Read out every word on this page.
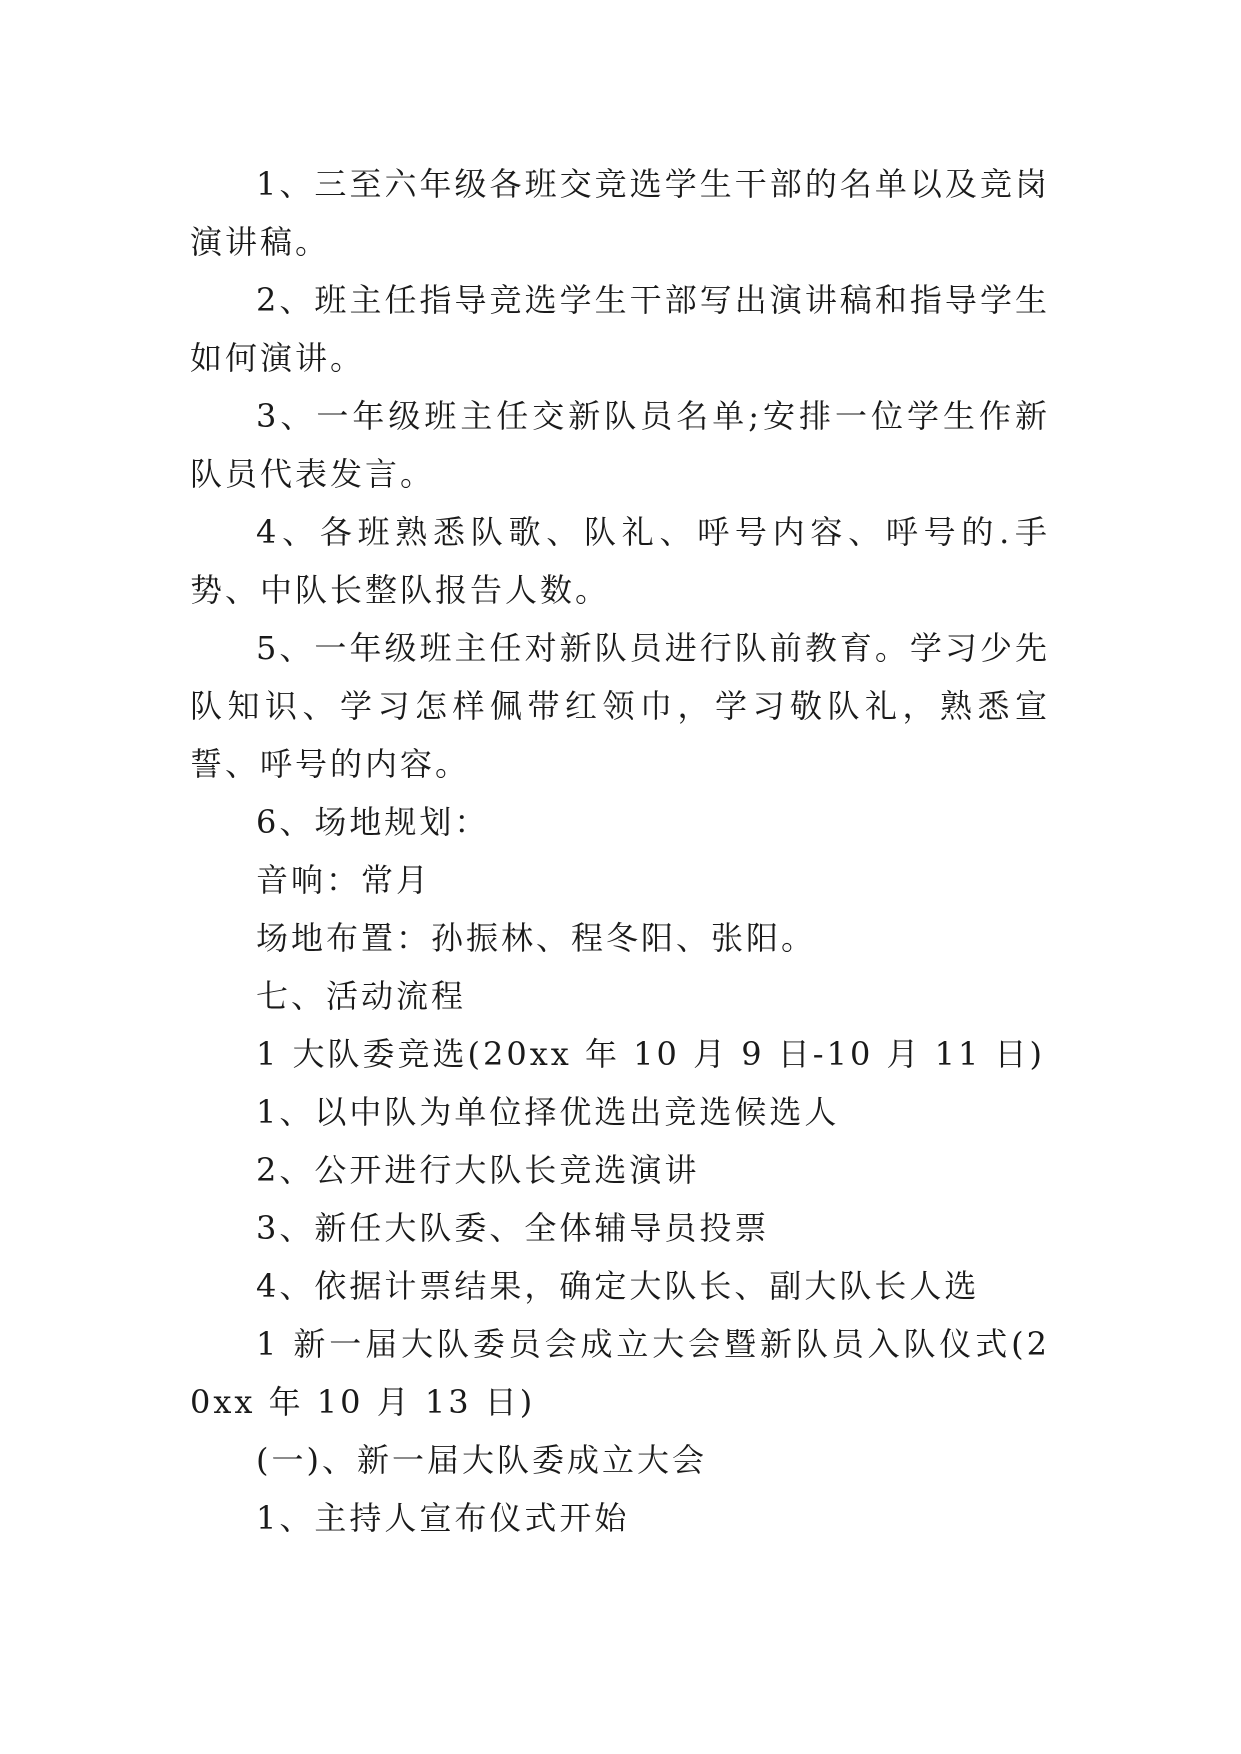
1、三至六年级各班交竞选学生干部的名单以及竞岗演讲稿。

2、班主任指导竞选学生干部写出演讲稿和指导学生如何演讲。

3、一年级班主任交新队员名单;安排一位学生作新队员代表发言。

4、各班熟悉队歌、队礼、呼号内容、呼号的.手势、中队长整队报告人数。

5、一年级班主任对新队员进行队前教育。学习少先队知识、学习怎样佩带红领巾，学习敬队礼，熟悉宣誓、呼号的内容。

6、场地规划：

音响：常月

场地布置：孙振林、程冬阳、张阳。

七、活动流程

1 大队委竞选(20xx 年 10 月 9 日-10 月 11 日)

1、以中队为单位择优选出竞选候选人

2、公开进行大队长竞选演讲

3、新任大队委、全体辅导员投票

4、依据计票结果，确定大队长、副大队长人选

1 新一届大队委员会成立大会暨新队员入队仪式(20xx 年 10 月 13 日)

(一)、新一届大队委成立大会

1、主持人宣布仪式开始
